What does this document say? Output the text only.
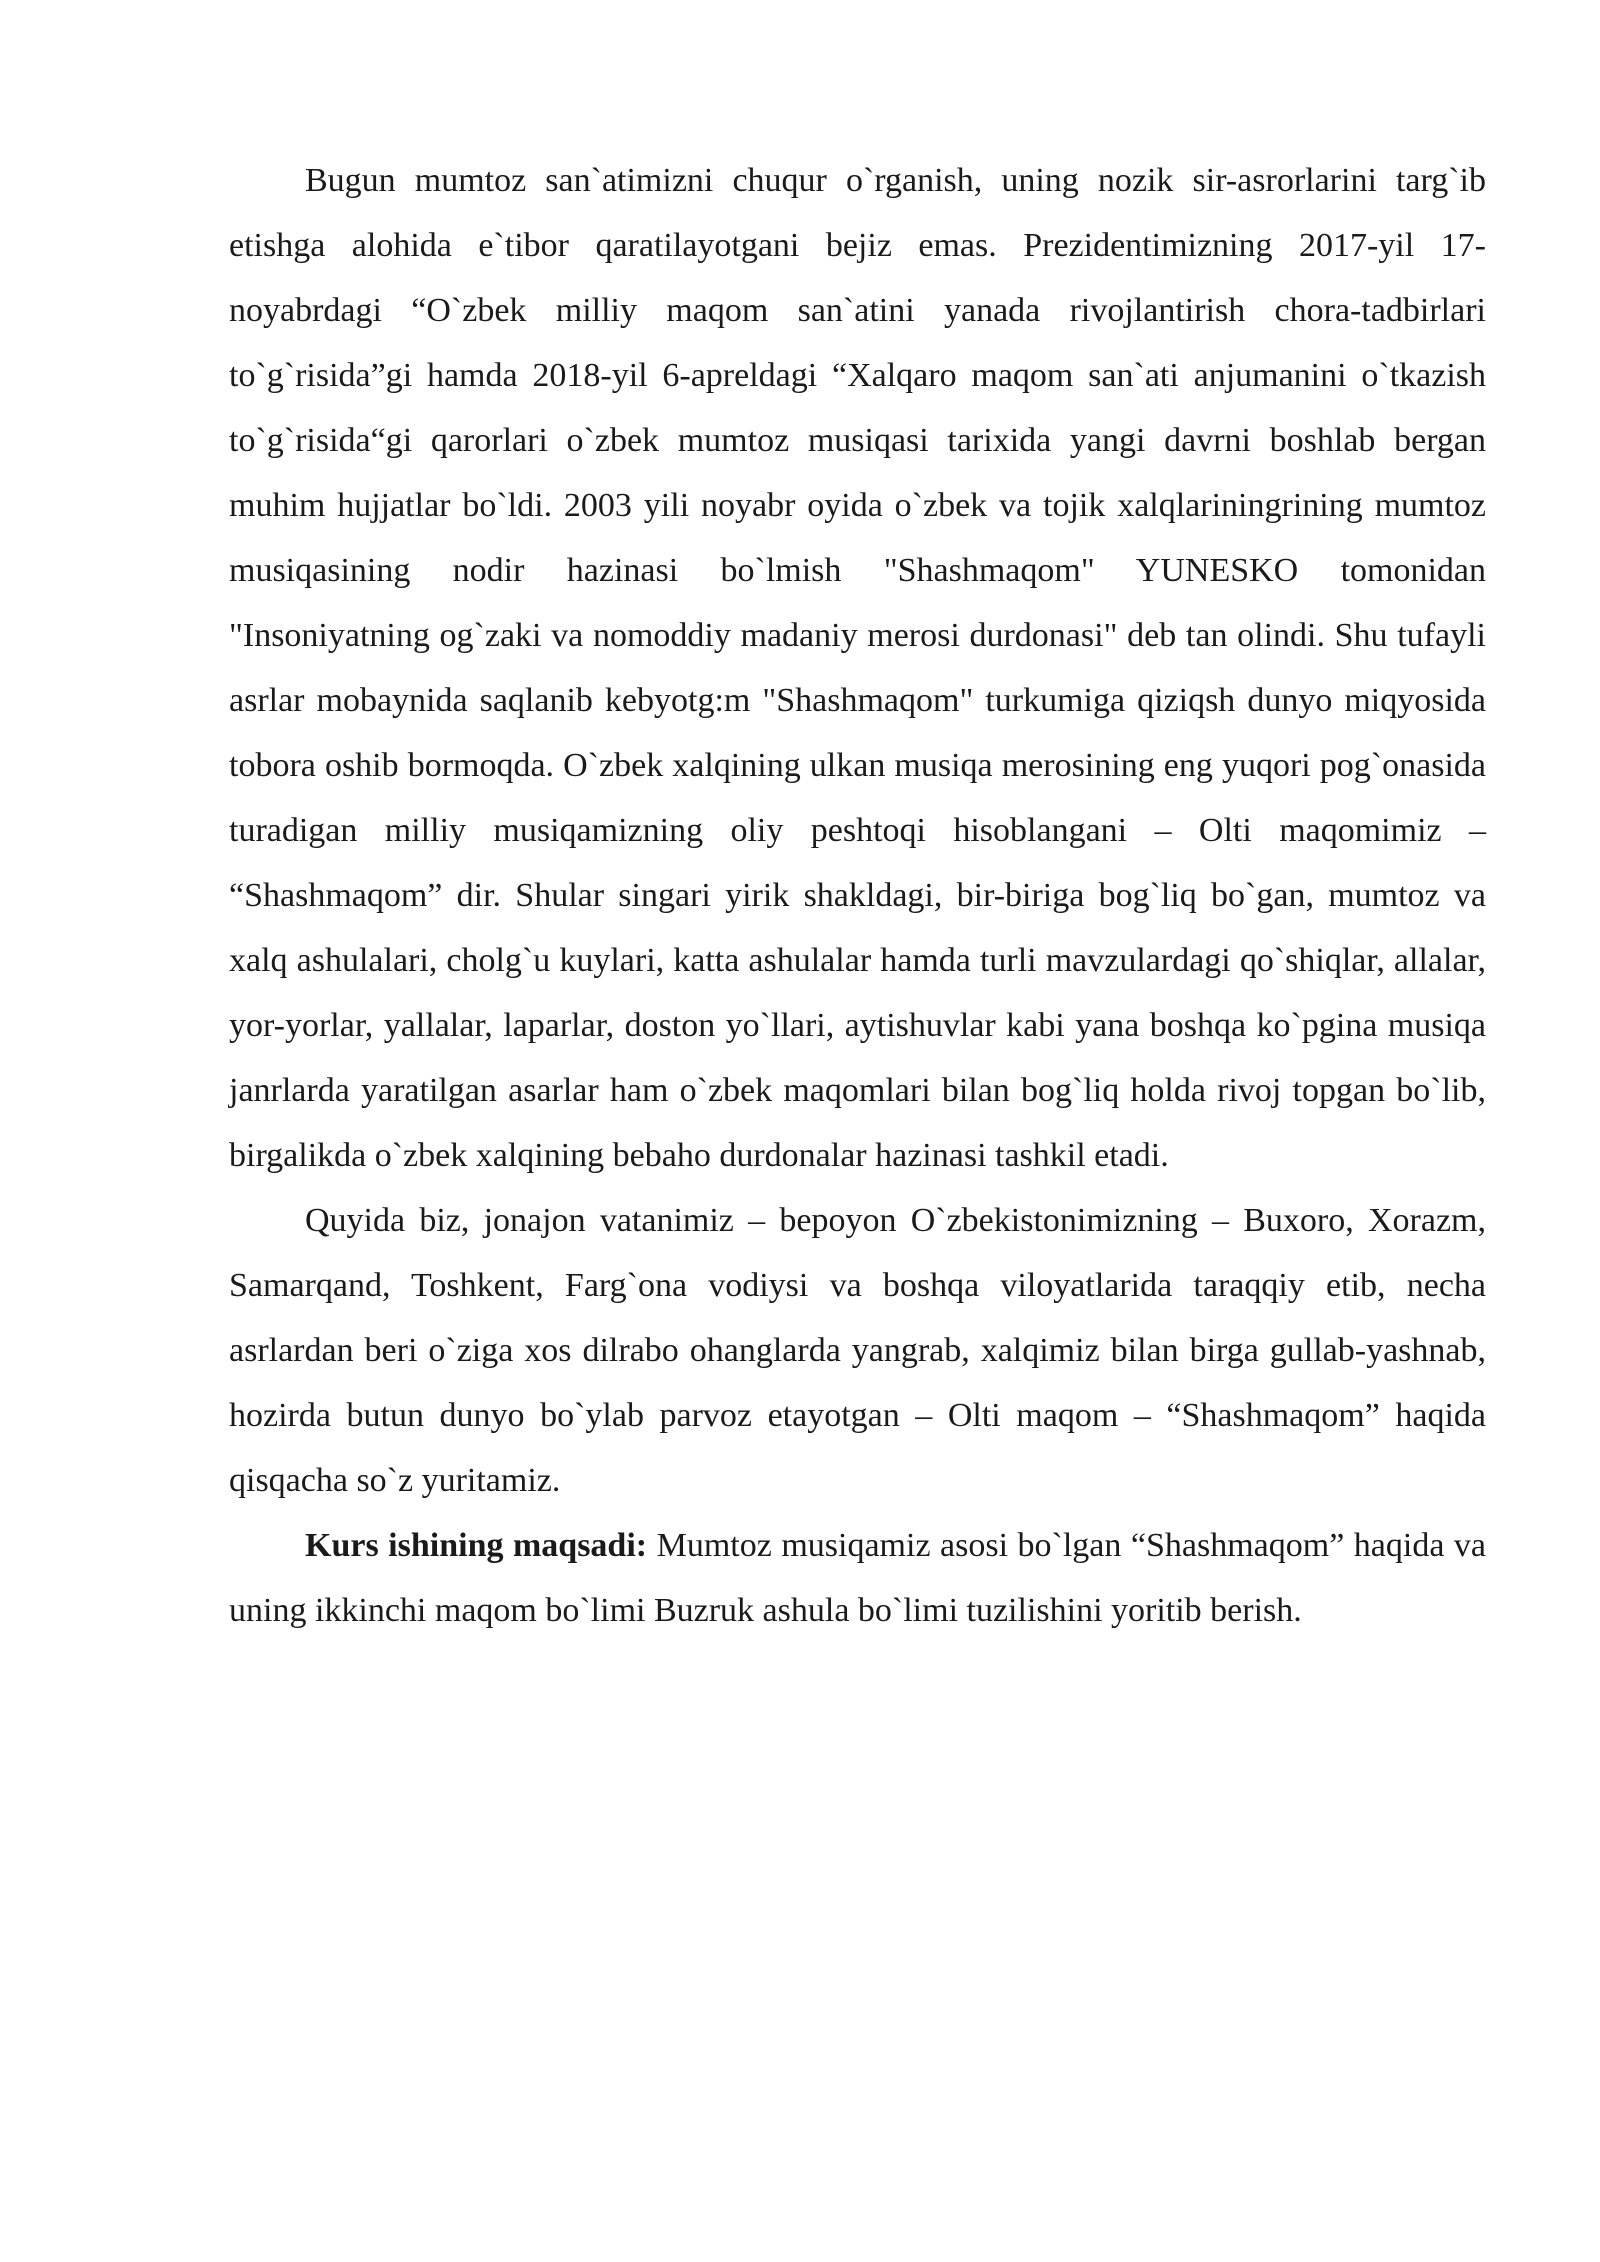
Bugun mumtoz san`atimizni chuqur o`rganish, uning nozik sir-asrorlarini targ`ib etishga alohida e`tibor qaratilayotgani bejiz emas. Prezidentimizning 2017-yil 17-noyabrdagi “O`zbek milliy maqom san`atini yanada rivojlantirish chora-tadbirlari to`g`risida”gi hamda 2018-yil 6-apreldagi “Xalqaro maqom san`ati anjumanini o`tkazish to`g`risida“gi qarorlari o`zbek mumtoz musiqasi tarixida yangi davrni boshlab bergan muhim hujjatlar bo`ldi. 2003 yili noyabr oyida o`zbek va tojik xalqlariningrining mumtoz musiqasining nodir hazinasi bo`lmish "Shashmaqom" YUNESKO tomonidan "Insoniyatning og`zaki va nomoddiy madaniy merosi durdonasi" deb tan olindi. Shu tufayli asrlar mobaynida saqlanib kebyotg:m "Shashmaqom" turkumiga qiziqsh dunyo miqyosida tobora oshib bormoqda. O`zbek xalqining ulkan musiqa merosining eng yuqori pog`onasida turadigan milliy musiqamizning oliy peshtoqi hisoblangani – Olti maqomimiz – “Shashmaqom” dir. Shular singari yirik shakldagi, bir-biriga bog`liq bo`gan, mumtoz va xalq ashulalari, cholg`u kuylari, katta ashulalar hamda turli mavzulardagi qo`shiqlar, allalar, yor-yorlar, yallalar, laparlar, doston yo`llari, aytishuvlar kabi yana boshqa ko`pgina musiqa janrlarda yaratilgan asarlar ham o`zbek maqomlari bilan bog`liq holda rivoj topgan bo`lib, birgalikda o`zbek xalqining bebaho durdonalar hazinasi tashkil etadi.

Quyida biz, jonajon vatanimiz – bepoyon O`zbekistonimizning – Buxoro, Xorazm, Samarqand, Toshkent, Farg`ona vodiysi va boshqa viloyatlarida taraqqiy etib, necha asrlardan beri o`ziga xos dilrabo ohanglarda yangrab, xalqimiz bilan birga gullab-yashnab, hozirda butun dunyo bo`ylab parvoz etayotgan – Olti maqom – “Shashmaqom” haqida qisqacha so`z yuritamiz.

Kurs ishining maqsadi: Mumtoz musiqamiz asosi bo`lgan “Shashmaqom” haqida va uning ikkinchi maqom bo`limi Buzruk ashula bo`limi tuzilishini yoritib berish.
